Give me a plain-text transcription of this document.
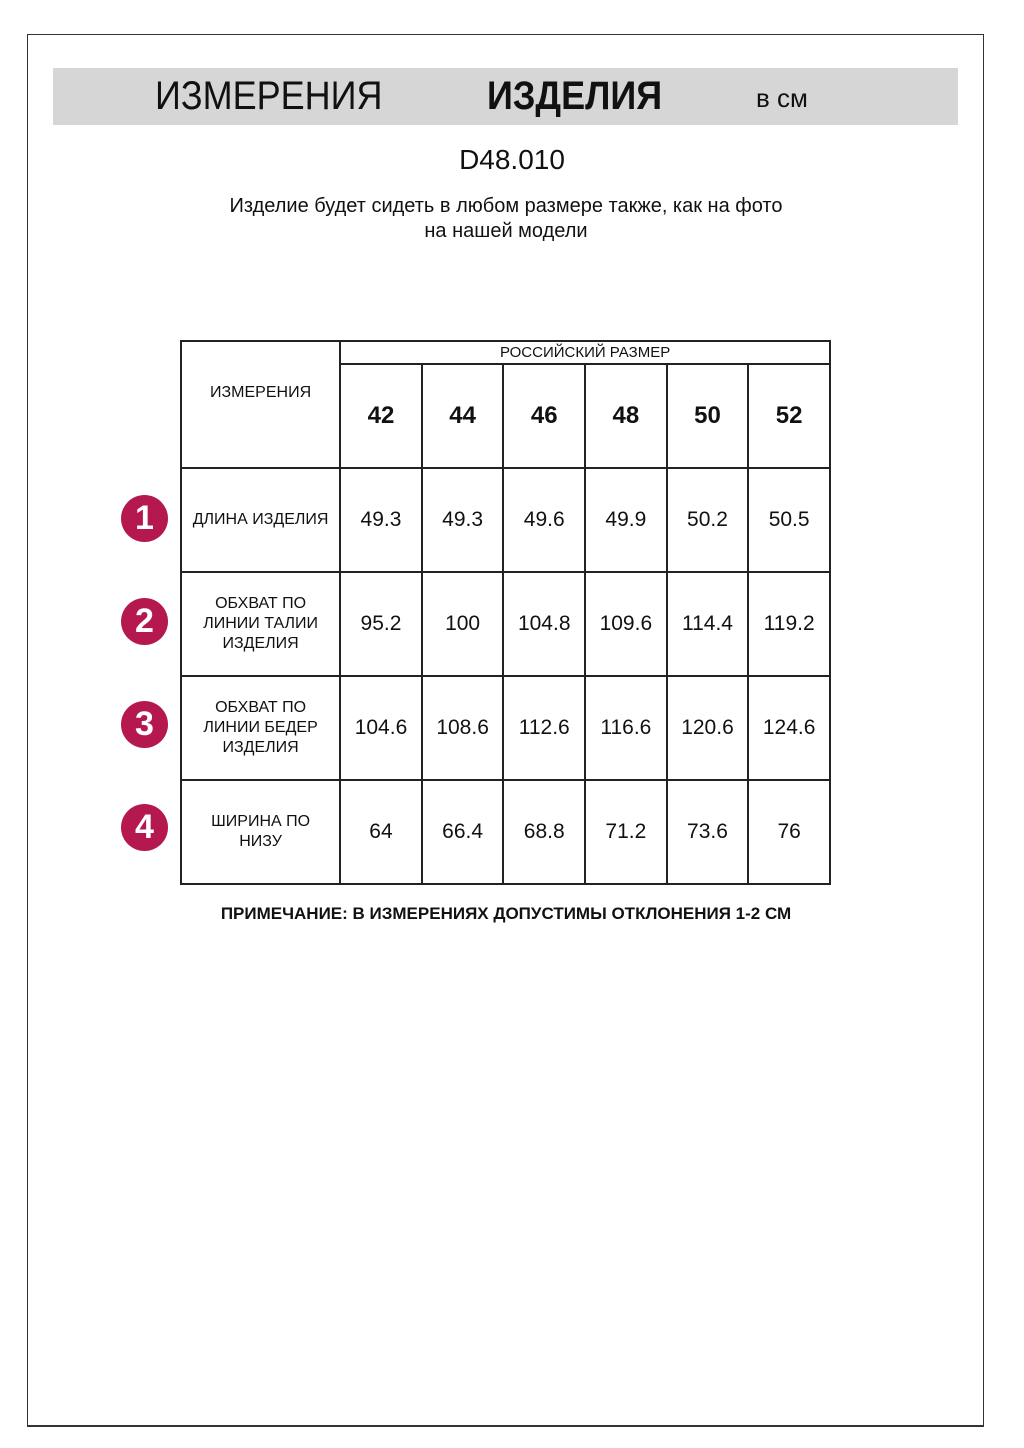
ИЗМЕРЕНИЯ	ИЗДЕЛИЯ	в см
D48.010
Изделие будет сидеть в любом размере также, как на фото
на нашей модели
ИЗМЕРЕНИЯ	РОССИЙСКИЙ РАЗМЕР					
	42	44	46	48	50	52

ДЛИНА ИЗДЕЛИЯ	49.3	49.3	49.6	49.9	50.2	50.5

ОБХВАТ ПО
ЛИНИИ ТАЛИИ
ИЗДЕЛИЯ	95.2	100	104.8	109.6	114.4	119.2

ОБХВАТ ПО
ЛИНИИ БЕДЕР
ИЗДЕЛИЯ	104.6	108.6	112.6	116.6	120.6	124.6

ШИРИНА ПО
НИЗУ	64	66.4	68.8	71.2	73.6	76
1
2
3
4
ПРИМЕЧАНИЕ: В ИЗМЕРЕНИЯХ ДОПУСТИМЫ ОТКЛОНЕНИЯ 1-2 СМ
